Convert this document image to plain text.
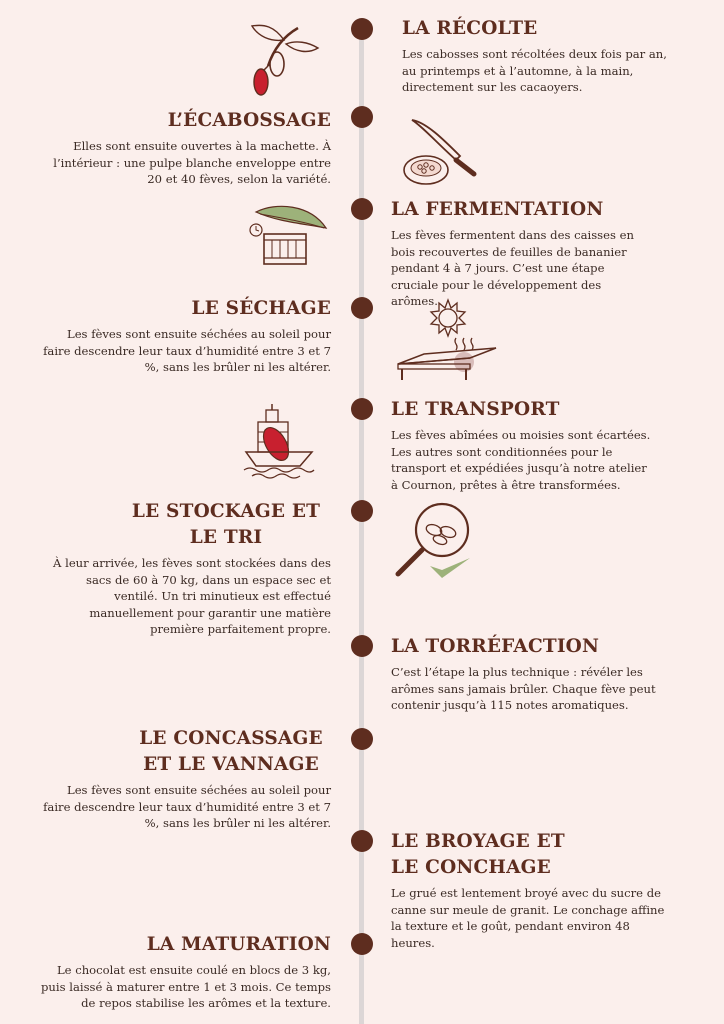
LA RÉCOLTE

Les cabosses sont récoltées deux fois par an, au printemps et à l’automne, à la main, directement sur les cacaoyers.

L’ÉCABOSSAGE

Elles sont ensuite ouvertes à la machette. À l’intérieur : une pulpe blanche enveloppe entre 20 et 40 fèves, selon la variété.

LA FERMENTATION

Les fèves fermentent dans des caisses en bois recouvertes de feuilles de bananier pendant 4 à 7 jours. C’est une étape cruciale pour le développement des arômes.

LE SÉCHAGE

Les fèves sont ensuite séchées au soleil pour faire descendre leur taux d’humidité entre 3 et 7 %, sans les brûler ni les altérer.

LE TRANSPORT

Les fèves abîmées ou moisies sont écartées. Les autres sont conditionnées pour le transport et expédiées jusqu’à notre atelier à Cournon, prêtes à être transformées.

LE STOCKAGE ET LE TRI

À leur arrivée, les fèves sont stockées dans des sacs de 60 à 70 kg, dans un espace sec et ventilé. Un tri minutieux est effectué manuellement pour garantir une matière première parfaitement propre.

LA TORRÉFACTION

C’est l’étape la plus technique : révéler les arômes sans jamais brûler. Chaque fève peut contenir jusqu’à 115 notes aromatiques.

LE CONCASSAGE ET LE VANNAGE

Les fèves sont ensuite séchées au soleil pour faire descendre leur taux d’humidité entre 3 et 7 %, sans les brûler ni les altérer.

LE BROYAGE ET LE CONCHAGE

Le grué est lentement broyé avec du sucre de canne sur meule de granit. Le conchage affine la texture et le goût, pendant environ 48 heures.

LA MATURATION

Le chocolat est ensuite coulé en blocs de 3 kg, puis laissé à maturer entre 1 et 3 mois. Ce temps de repos stabilise les arômes et la texture.
